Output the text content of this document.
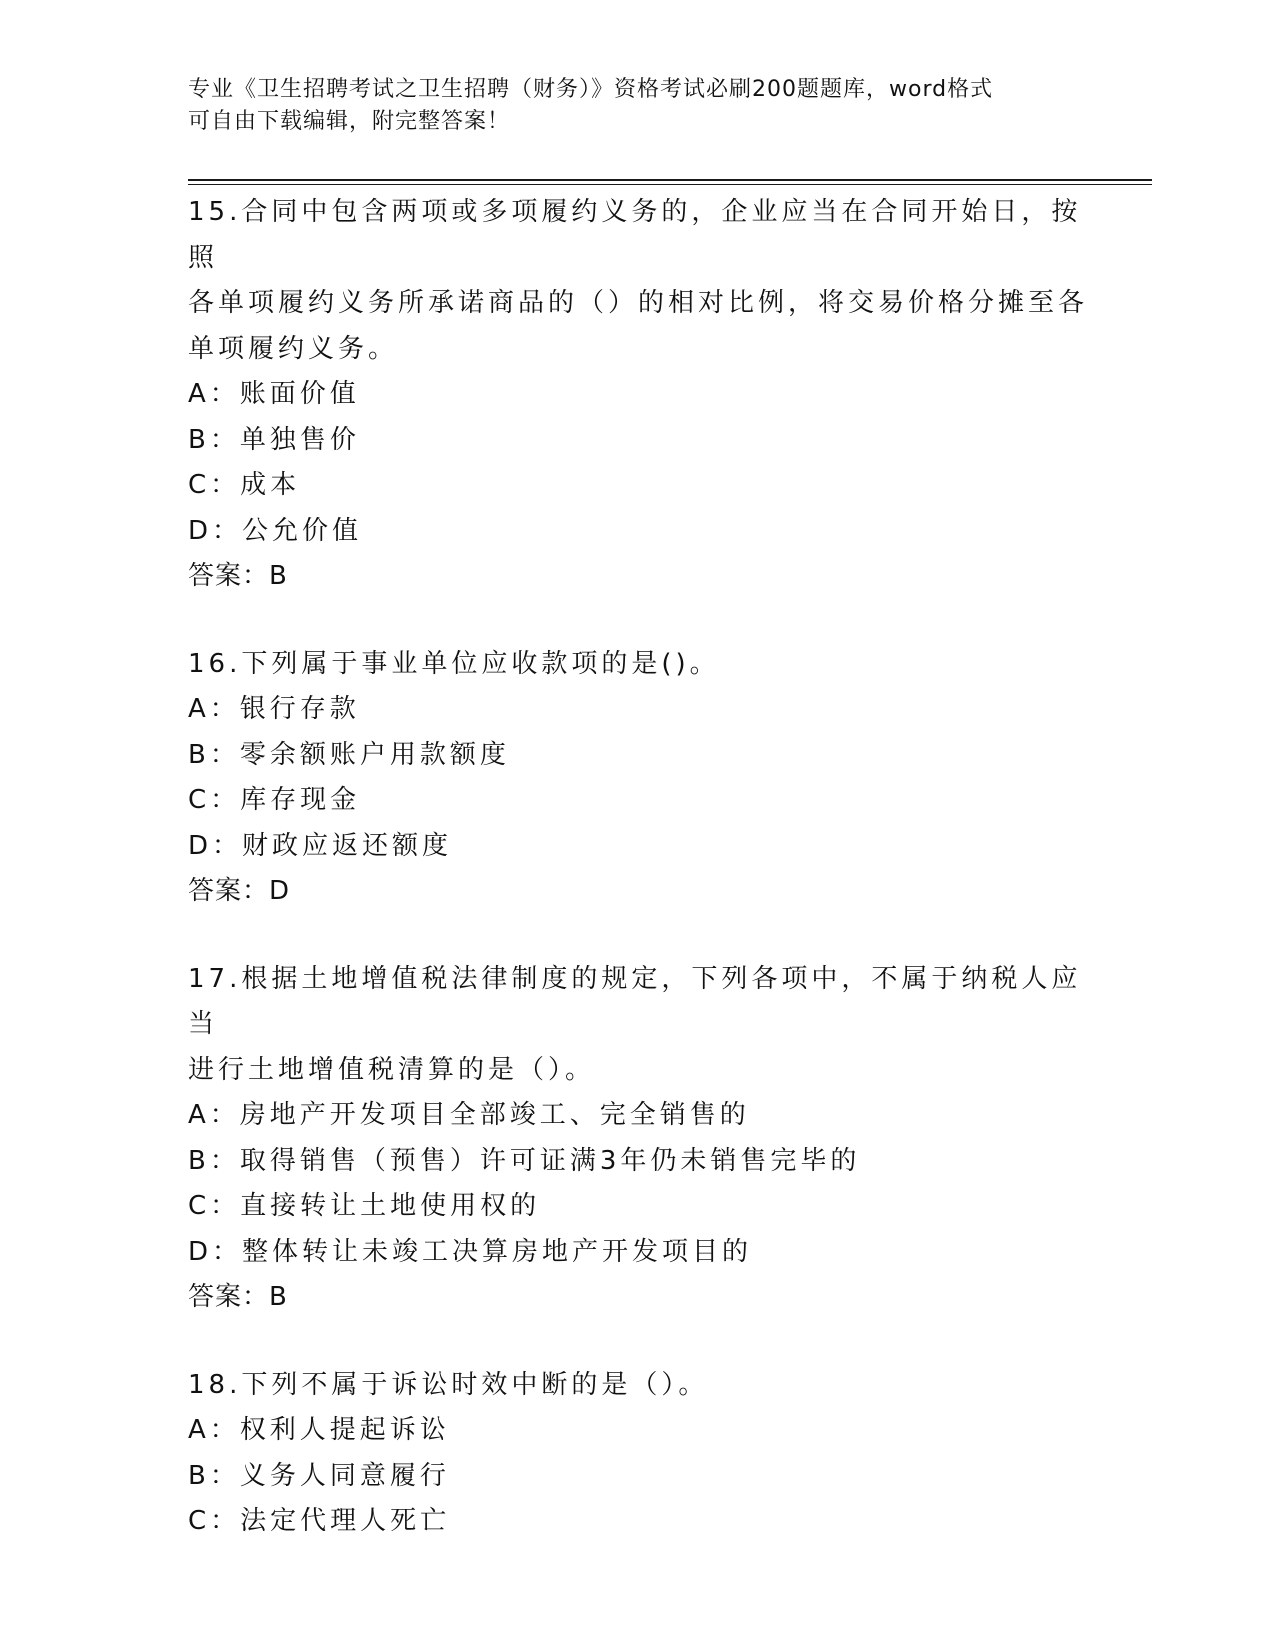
专业《卫生招聘考试之卫生招聘（财务）》资格考试必刷200题题库，word格式
可自由下载编辑，附完整答案！
15.合同中包含两项或多项履约义务的，企业应当在合同开始日，按照
各单项履约义务所承诺商品的（）的相对比例，将交易价格分摊至各
单项履约义务。
A：账面价值
B：单独售价
C：成本
D：公允价值
答案：B
16.下列属于事业单位应收款项的是()。
A：银行存款
B：零余额账户用款额度
C：库存现金
D：财政应返还额度
答案：D
17.根据土地增值税法律制度的规定，下列各项中，不属于纳税人应当
进行土地增值税清算的是（）。
A：房地产开发项目全部竣工、完全销售的
B：取得销售（预售）许可证满3年仍未销售完毕的
C：直接转让土地使用权的
D：整体转让未竣工决算房地产开发项目的
答案：B
18.下列不属于诉讼时效中断的是（）。
A：权利人提起诉讼
B：义务人同意履行
C：法定代理人死亡
